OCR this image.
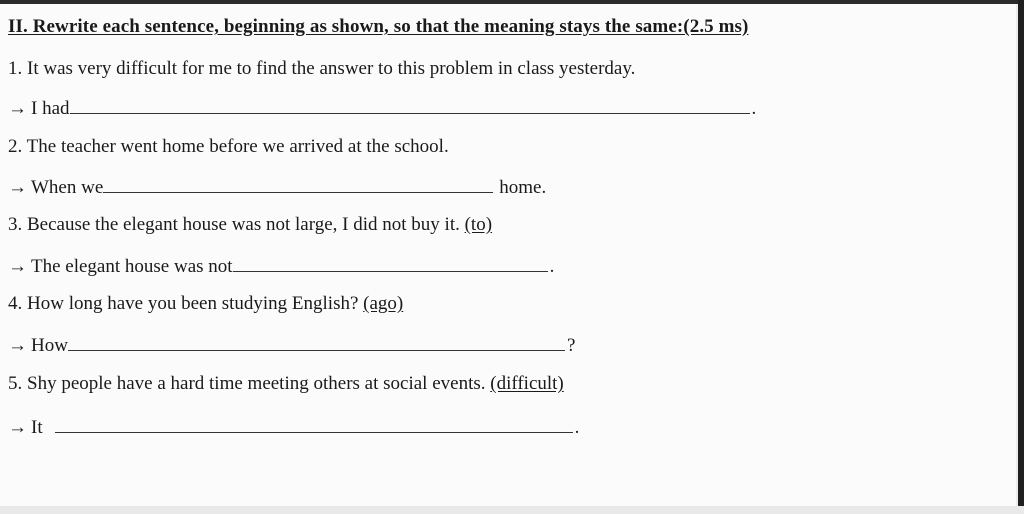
II. Rewrite each sentence, beginning as shown, so that the meaning stays the same:(2.5 ms)
1. It was very difficult for me to find the answer to this problem in class yesterday.
→ I had	.
2. The teacher went home before we arrived at the school.
→ When we	home.
3. Because the elegant house was not large, I did not buy it. (to)
→ The elegant house was not	.
4. How long have you been studying English? (ago)
→ How	?
5. Shy people have a hard time meeting others at social events. (difficult)
→ It	.
